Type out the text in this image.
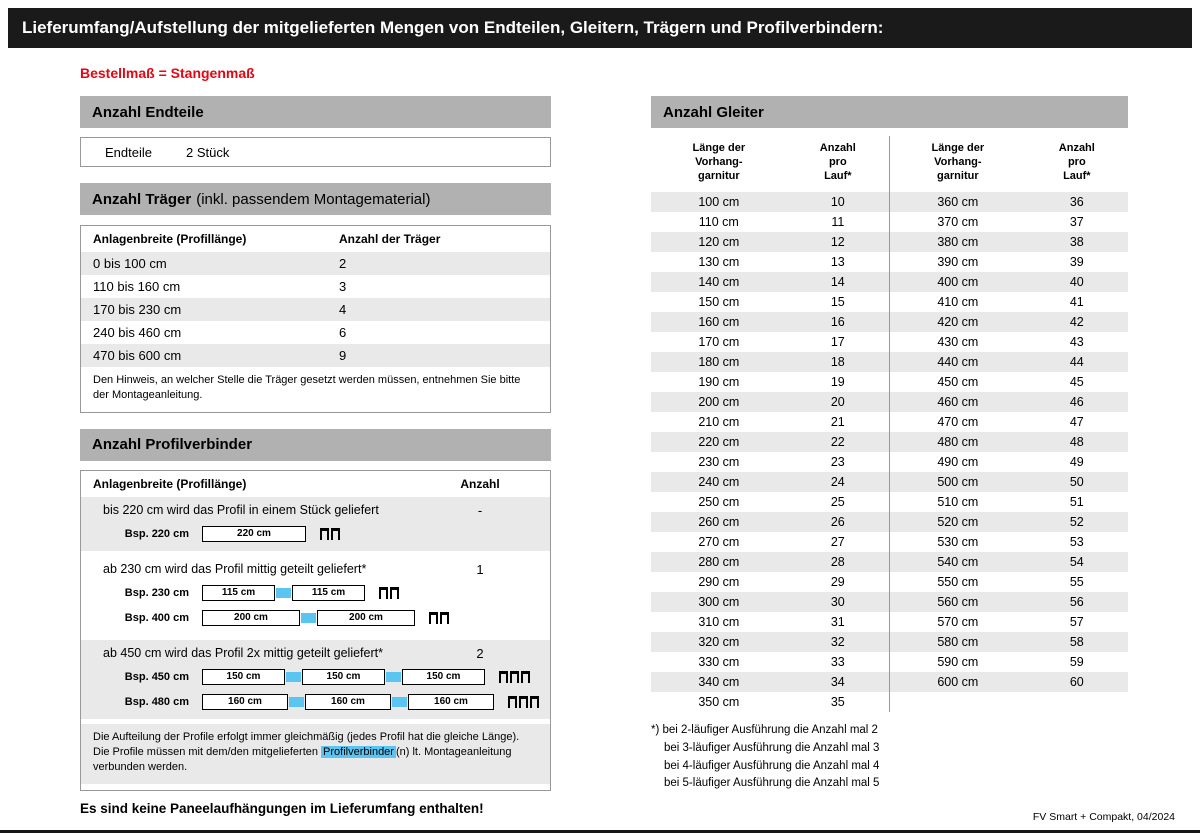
Lieferumfang/Aufstellung der mitgelieferten Mengen von Endteilen, Gleitern, Trägern und Profilverbindern:
Bestellmaß = Stangenmaß
Anzahl Endteile
Endteile	2 Stück
Anzahl Träger (inkl. passendem Montagematerial)
Anlagenbreite (Profillänge)	Anzahl der Träger
0 bis 100 cm	2
110 bis 160 cm	3
170 bis 230 cm	4
240 bis 460 cm	6
470 bis 600 cm	9
Den Hinweis, an welcher Stelle die Träger gesetzt werden müssen, entnehmen Sie bitte der Montageanleitung.
Anzahl Profilverbinder
Anlagenbreite (Profillänge)	Anzahl
bis 220 cm wird das Profil in einem Stück geliefert	-
Bsp. 220 cm	220 cm
ab 230 cm wird das Profil mittig geteilt geliefert*	1
Bsp. 230 cm	115 cm	115 cm
Bsp. 400 cm	200 cm	200 cm
ab 450 cm wird das Profil 2x mittig geteilt geliefert*	2
Bsp. 450 cm	150 cm	150 cm	150 cm
Bsp. 480 cm	160 cm	160 cm	160 cm
Die Aufteilung der Profile erfolgt immer gleichmäßig (jedes Profil hat die gleiche Länge). Die Profile müssen mit dem/den mitgelieferten Profilverbinder (n) lt. Montageanleitung verbunden werden.
Es sind keine Paneelaufhängungen im Lieferumfang enthalten!
Anzahl Gleiter
Länge der
Vorhang-
garnitur
Anzahl
pro
Lauf*
100 cm	10
110 cm	11
120 cm	12
130 cm	13
140 cm	14
150 cm	15
160 cm	16
170 cm	17
180 cm	18
190 cm	19
200 cm	20
210 cm	21
220 cm	22
230 cm	23
240 cm	24
250 cm	25
260 cm	26
270 cm	27
280 cm	28
290 cm	29
300 cm	30
310 cm	31
320 cm	32
330 cm	33
340 cm	34
350 cm	35
Länge der
Vorhang-
garnitur
Anzahl
pro
Lauf*
360 cm	36
370 cm	37
380 cm	38
390 cm	39
400 cm	40
410 cm	41
420 cm	42
430 cm	43
440 cm	44
450 cm	45
460 cm	46
470 cm	47
480 cm	48
490 cm	49
500 cm	50
510 cm	51
520 cm	52
530 cm	53
540 cm	54
550 cm	55
560 cm	56
570 cm	57
580 cm	58
590 cm	59
600 cm	60
*) bei 2-läufiger Ausführung die Anzahl mal 2
bei 3-läufiger Ausführung die Anzahl mal 3
bei 4-läufiger Ausführung die Anzahl mal 4
bei 5-läufiger Ausführung die Anzahl mal 5
FV Smart + Compakt, 04/2024
